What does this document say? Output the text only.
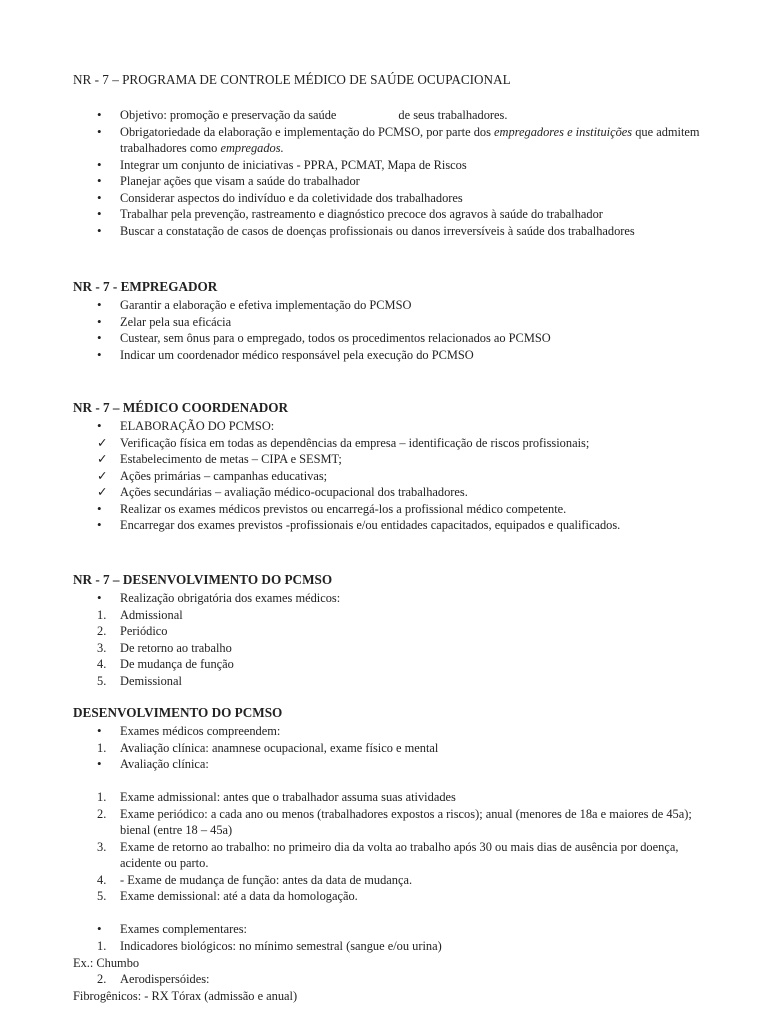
NR - 7 – PROGRAMA DE CONTROLE MÉDICO DE SAÚDE OCUPACIONAL
•
Objetivo: promoção e preservação da saúde	de seus trabalhadores.
•
Obrigatoriedade da elaboração e implementação do PCMSO, por parte dos empregadores e instituições que admitem trabalhadores como empregados.
•
Integrar um conjunto de iniciativas - PPRA, PCMAT, Mapa de Riscos
•
Planejar ações que visam a saúde do trabalhador
•
Considerar aspectos do indivíduo e da coletividade dos trabalhadores
•
Trabalhar pela prevenção, rastreamento e diagnóstico precoce dos agravos à saúde do trabalhador
•
Buscar a constatação de casos de doenças profissionais ou danos irreversíveis à saúde dos trabalhadores
NR - 7 - EMPREGADOR
•
Garantir a elaboração e efetiva implementação do PCMSO
•
Zelar pela sua eficácia
•
Custear, sem ônus para o empregado, todos os procedimentos relacionados ao PCMSO
•
Indicar um coordenador médico responsável pela execução do PCMSO
NR - 7 – MÉDICO COORDENADOR
•
ELABORAÇÃO DO PCMSO:
✓	Verificação física em todas as dependências da empresa – identificação de riscos profissionais;
✓	Estabelecimento de metas – CIPA e SESMT;
✓	Ações primárias – campanhas educativas;
✓	Ações secundárias – avaliação médico-ocupacional dos trabalhadores.
•
Realizar os exames médicos previstos ou encarregá-los a profissional médico competente.
•
Encarregar dos exames previstos -profissionais e/ou entidades capacitados, equipados e qualificados.
NR - 7 – DESENVOLVIMENTO DO PCMSO
•
Realização obrigatória dos exames médicos:
1.	Admissional
2.	Periódico
3.	De retorno ao trabalho
4.	De mudança de função
5.	Demissional
DESENVOLVIMENTO DO PCMSO
•
Exames médicos compreendem:
1.	Avaliação clínica: anamnese ocupacional, exame físico e mental
•
Avaliação clínica:
1.	Exame admissional: antes que o trabalhador assuma suas atividades
2.	Exame periódico: a cada ano ou menos (trabalhadores expostos a riscos); anual (menores de 18a e maiores de 45a); bienal (entre 18 – 45a)
3.	Exame de retorno ao trabalho: no primeiro dia da volta ao trabalho após 30 ou mais dias de ausência por doença, acidente ou parto.
4.	- Exame de mudança de função: antes da data de mudança.
5.	Exame demissional: até a data da homologação.
•
Exames complementares:
1.	Indicadores biológicos: no mínimo semestral (sangue e/ou urina)
Ex.: Chumbo
2.	Aerodispersóides:
Fibrogênicos: - RX Tórax (admissão e anual)
